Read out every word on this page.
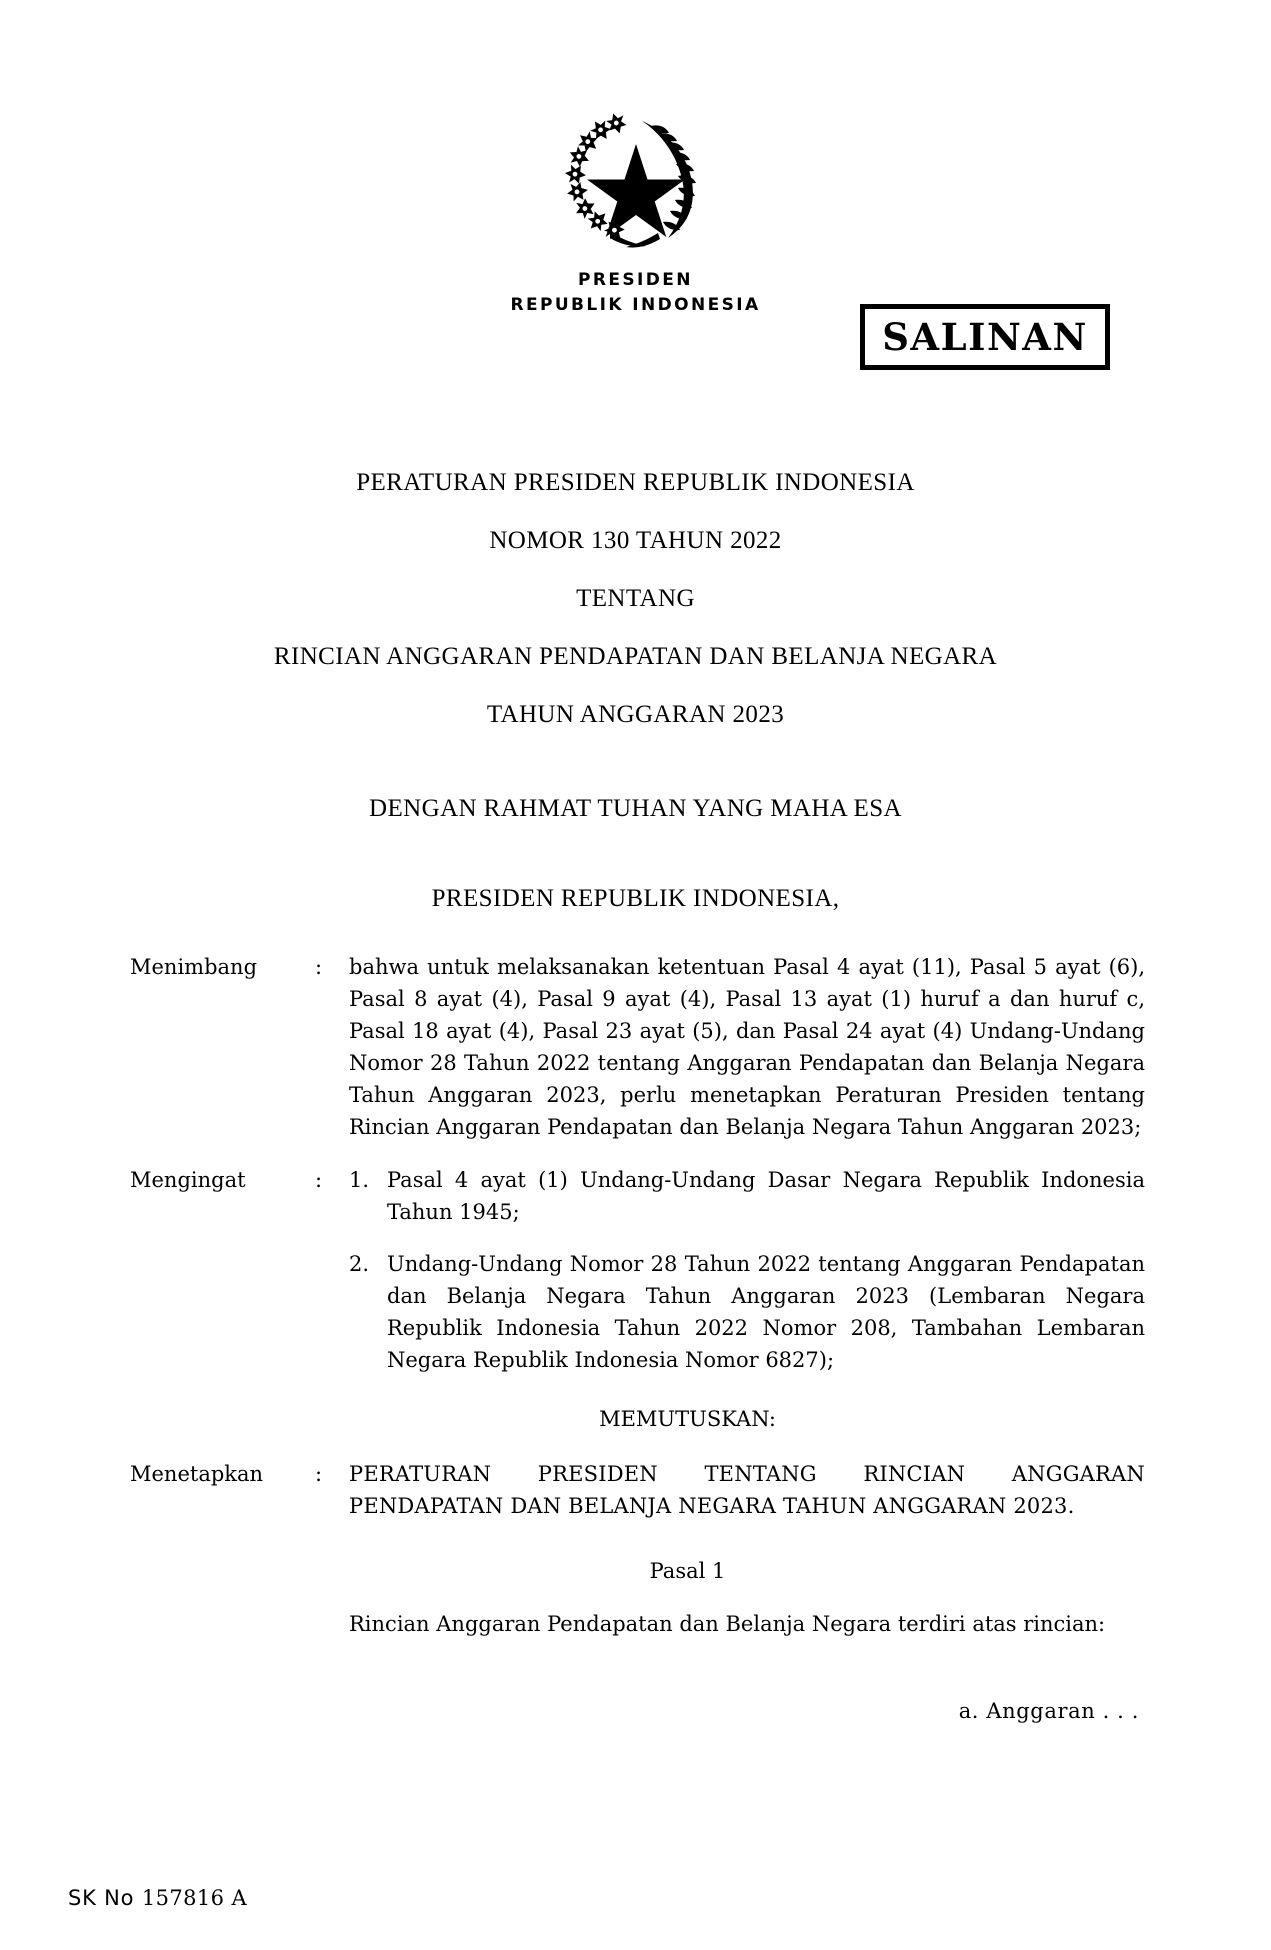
SALINAN
PRESIDEN
REPUBLIK INDONESIA
PERATURAN PRESIDEN REPUBLIK INDONESIA
NOMOR 130 TAHUN 2022
TENTANG
RINCIAN ANGGARAN PENDAPATAN DAN BELANJA NEGARA
TAHUN ANGGARAN 2023
DENGAN RAHMAT TUHAN YANG MAHA ESA
PRESIDEN REPUBLIK INDONESIA,
Menimbang	:	bahwa untuk melaksanakan ketentuan Pasal 4 ayat (11), Pasal 5 ayat (6), Pasal 8 ayat (4), Pasal 9 ayat (4), Pasal 13 ayat (1) huruf a dan huruf c, Pasal 18 ayat (4), Pasal 23 ayat (5), dan Pasal 24 ayat (4) Undang-Undang Nomor 28 Tahun 2022 tentang Anggaran Pendapatan dan Belanja Negara Tahun Anggaran 2023, perlu menetapkan Peraturan Presiden tentang Rincian Anggaran Pendapatan dan Belanja Negara Tahun Anggaran 2023;
Mengingat	:	1. Pasal 4 ayat (1) Undang-Undang Dasar Negara Republik Indonesia Tahun 1945;
2. Undang-Undang Nomor 28 Tahun 2022 tentang Anggaran Pendapatan dan Belanja Negara Tahun Anggaran 2023 (Lembaran Negara Republik Indonesia Tahun 2022 Nomor 208, Tambahan Lembaran Negara Republik Indonesia Nomor 6827);
MEMUTUSKAN:
Menetapkan	:	PERATURAN PRESIDEN TENTANG RINCIAN ANGGARAN PENDAPATAN DAN BELANJA NEGARA TAHUN ANGGARAN 2023.
Pasal 1
Rincian Anggaran Pendapatan dan Belanja Negara terdiri atas rincian:
a. Anggaran . . .
SK No 157816 A
